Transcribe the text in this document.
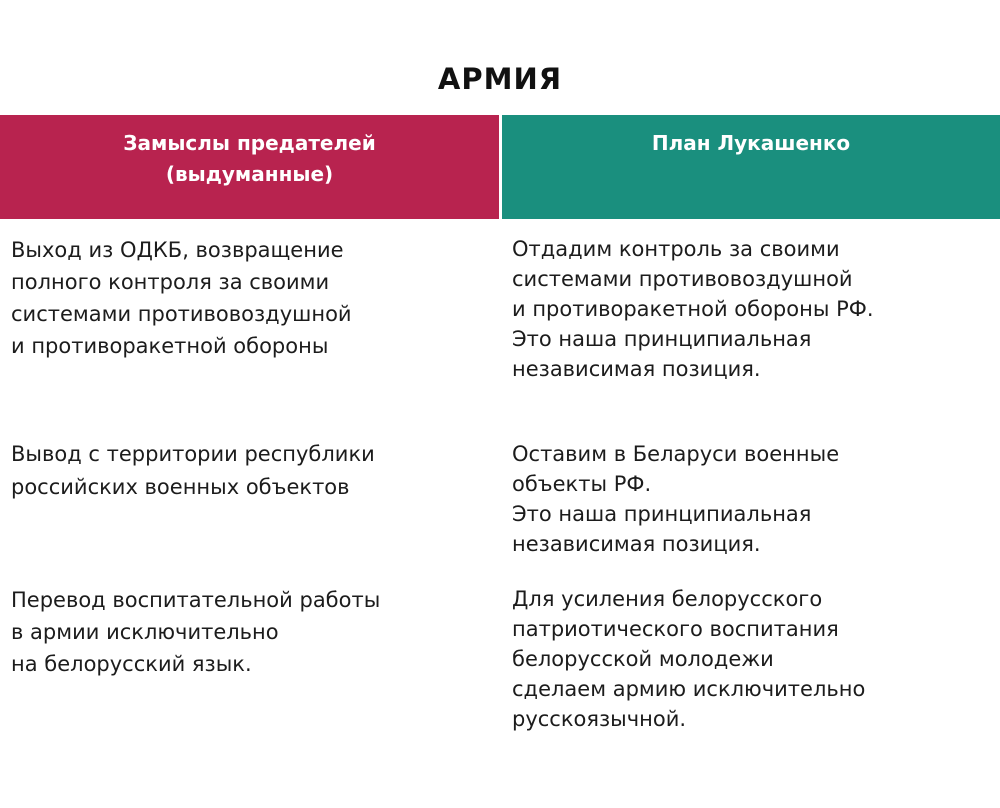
АРМИЯ
Замыслы предателей
(выдуманные)
План Лукашенко

Выход из ОДКБ, возвращение
полного контроля за своими
системами противовоздушной
и противоракетной обороны

Отдадим контроль за своими
системами противовоздушной
и противоракетной обороны РФ.
Это наша принципиальная
независимая позиция.

Вывод с территории республики
российских военных объектов

Оставим в Беларуси военные
объекты РФ.
Это наша принципиальная
независимая позиция.

Перевод воспитательной работы
в армии исключительно
на белорусский язык.

Для усиления белорусского
патриотического воспитания
белорусской молодежи
сделаем армию исключительно
русскоязычной.
